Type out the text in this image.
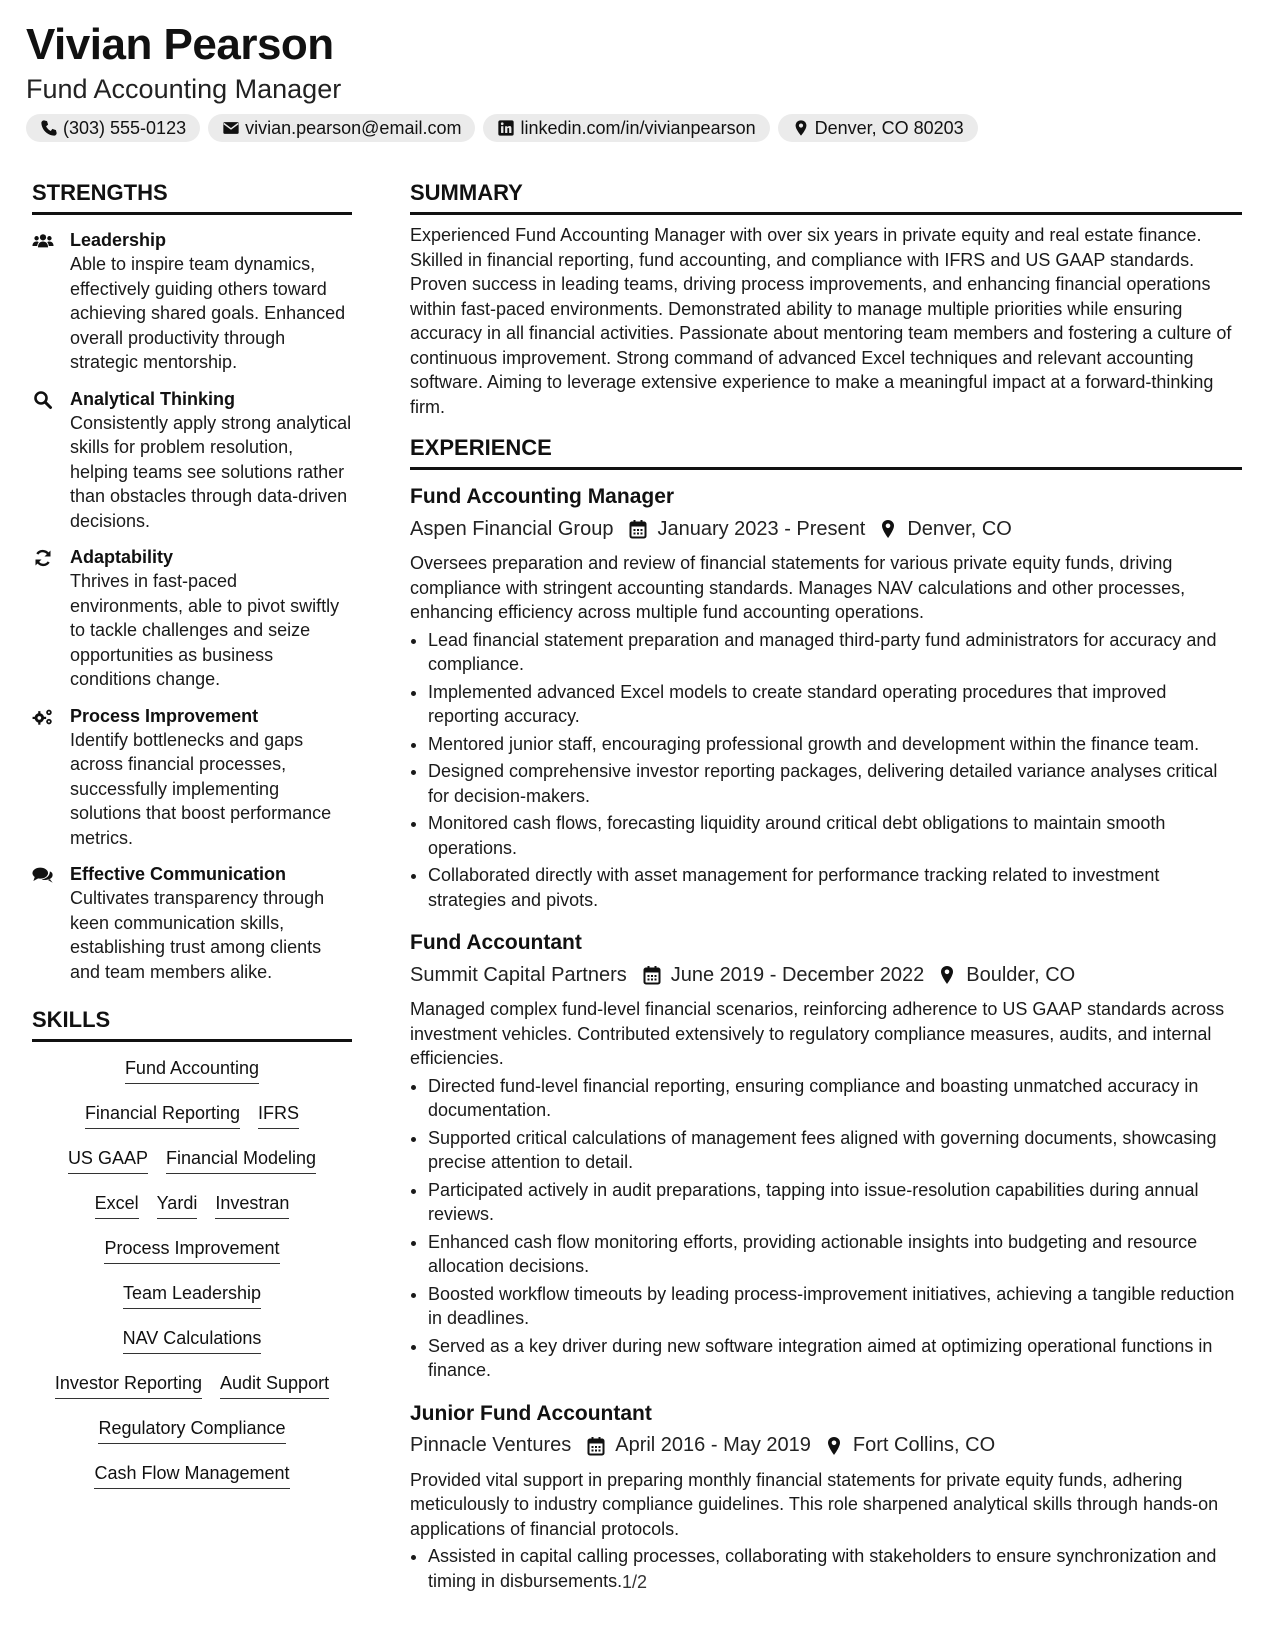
Vivian Pearson
Fund Accounting Manager
(303) 555-0123	vivian.pearson@email.com	linkedin.com/in/vivianpearson	Denver, CO 80203
STRENGTHS
Leadership
Able to inspire team dynamics, effectively guiding others toward achieving shared goals. Enhanced overall productivity through strategic mentorship.
Analytical Thinking
Consistently apply strong analytical skills for problem resolution, helping teams see solutions rather than obstacles through data-driven decisions.
Adaptability
Thrives in fast-paced environments, able to pivot swiftly to tackle challenges and seize opportunities as business conditions change.
Process Improvement
Identify bottlenecks and gaps across financial processes, successfully implementing solutions that boost performance metrics.
Effective Communication
Cultivates transparency through keen communication skills, establishing trust among clients and team members alike.
SKILLS
Fund Accounting
Financial Reporting IFRS
US GAAP Financial Modeling
Excel Yardi Investran
Process Improvement
Team Leadership
NAV Calculations
Investor Reporting Audit Support
Regulatory Compliance
Cash Flow Management
SUMMARY
Experienced Fund Accounting Manager with over six years in private equity and real estate finance. Skilled in financial reporting, fund accounting, and compliance with IFRS and US GAAP standards. Proven success in leading teams, driving process improvements, and enhancing financial operations within fast-paced environments. Demonstrated ability to manage multiple priorities while ensuring accuracy in all financial activities. Passionate about mentoring team members and fostering a culture of continuous improvement. Strong command of advanced Excel techniques and relevant accounting software. Aiming to leverage extensive experience to make a meaningful impact at a forward-thinking firm.
EXPERIENCE
Fund Accounting Manager
Aspen Financial Group January 2023 - Present Denver, CO
Oversees preparation and review of financial statements for various private equity funds, driving compliance with stringent accounting standards. Manages NAV calculations and other processes, enhancing efficiency across multiple fund accounting operations.
• Lead financial statement preparation and managed third-party fund administrators for accuracy and compliance.
• Implemented advanced Excel models to create standard operating procedures that improved reporting accuracy.
• Mentored junior staff, encouraging professional growth and development within the finance team.
• Designed comprehensive investor reporting packages, delivering detailed variance analyses critical for decision-makers.
• Monitored cash flows, forecasting liquidity around critical debt obligations to maintain smooth operations.
• Collaborated directly with asset management for performance tracking related to investment strategies and pivots.
Fund Accountant
Summit Capital Partners June 2019 - December 2022 Boulder, CO
Managed complex fund-level financial scenarios, reinforcing adherence to US GAAP standards across investment vehicles. Contributed extensively to regulatory compliance measures, audits, and internal efficiencies.
• Directed fund-level financial reporting, ensuring compliance and boasting unmatched accuracy in documentation.
• Supported critical calculations of management fees aligned with governing documents, showcasing precise attention to detail.
• Participated actively in audit preparations, tapping into issue-resolution capabilities during annual reviews.
• Enhanced cash flow monitoring efforts, providing actionable insights into budgeting and resource allocation decisions.
• Boosted workflow timeouts by leading process-improvement initiatives, achieving a tangible reduction in deadlines.
• Served as a key driver during new software integration aimed at optimizing operational functions in finance.
Junior Fund Accountant
Pinnacle Ventures April 2016 - May 2019 Fort Collins, CO
Provided vital support in preparing monthly financial statements for private equity funds, adhering meticulously to industry compliance guidelines. This role sharpened analytical skills through hands-on applications of financial protocols.
• Assisted in capital calling processes, collaborating with stakeholders to ensure synchronization and timing in disbursements. 1/2
